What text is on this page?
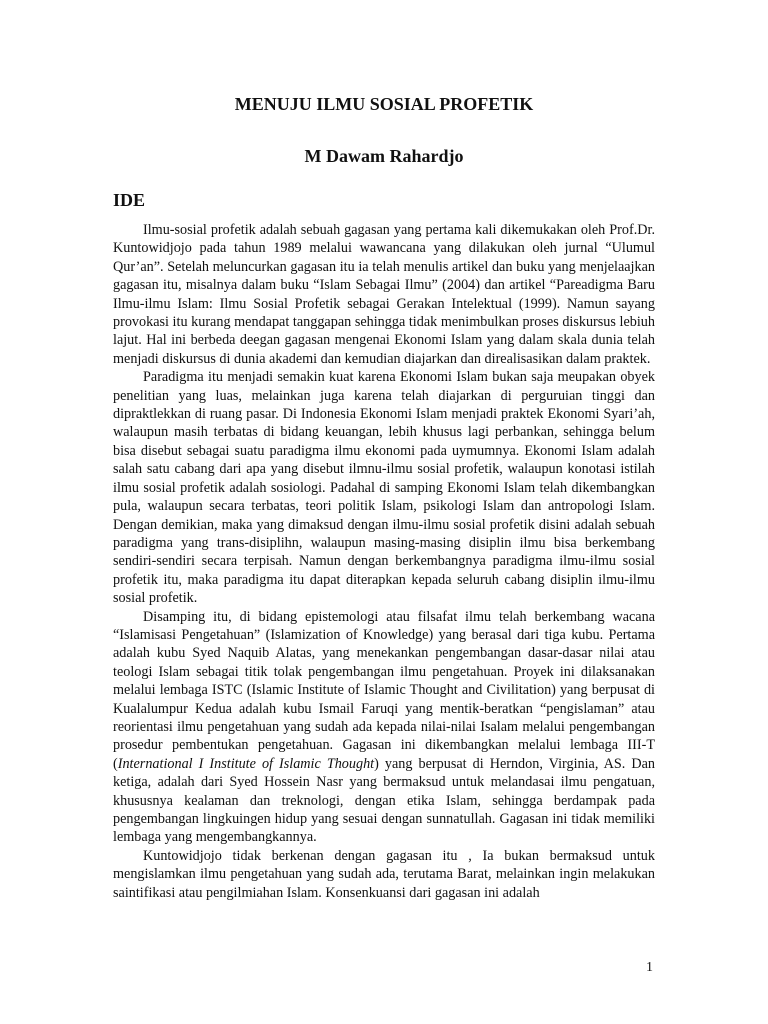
MENUJU ILMU SOSIAL PROFETIK
M Dawam Rahardjo
IDE

Ilmu-sosial profetik adalah sebuah gagasan yang pertama kali dikemukakan oleh Prof.Dr. Kuntowidjojo pada tahun 1989 melalui wawancana yang dilakukan oleh jurnal “Ulumul Qur’an”. Setelah meluncurkan gagasan itu ia telah menulis artikel dan buku yang menjelaajkan gagasan itu, misalnya dalam buku “Islam Sebagai Ilmu” (2004) dan artikel “Pareadigma Baru Ilmu-ilmu Islam: Ilmu Sosial Profetik sebagai Gerakan Intelektual (1999). Namun sayang provokasi itu kurang mendapat tanggapan sehingga tidak menimbulkan proses diskursus lebiuh lajut. Hal ini berbeda deegan gagasan mengenai Ekonomi Islam yang dalam skala dunia telah menjadi diskursus di dunia akademi dan kemudian diajarkan dan direalisasikan dalam praktek.

Paradigma itu menjadi semakin kuat karena Ekonomi Islam bukan saja meupakan obyek penelitian yang luas, melainkan juga karena telah diajarkan di perguruian tinggi dan dipraktlekkan di ruang pasar. Di Indonesia Ekonomi Islam menjadi praktek Ekonomi Syari’ah, walaupun masih terbatas di bidang keuangan, lebih khusus lagi perbankan, sehingga belum bisa disebut sebagai suatu paradigma ilmu ekonomi pada uymumnya. Ekonomi Islam adalah salah satu cabang dari apa yang disebut ilmnu-ilmu sosial profetik, walaupun konotasi istilah ilmu sosial profetik adalah sosiologi. Padahal di samping Ekonomi Islam telah dikembangkan pula, walaupun secara terbatas, teori politik Islam, psikologi Islam dan antropologi Islam. Dengan demikian, maka yang dimaksud dengan ilmu-ilmu sosial profetik disini adalah sebuah paradigma yang trans-disiplihn, walaupun masing-masing disiplin ilmu bisa berkembang sendiri-sendiri secara terpisah. Namun dengan berkembangnya paradigma ilmu-ilmu sosial profetik itu, maka paradigma itu dapat diterapkan kepada seluruh cabang disiplin ilmu-ilmu sosial profetik.

Disamping itu, di bidang epistemologi atau filsafat ilmu telah berkembang wacana “Islamisasi Pengetahuan” (Islamization of Knowledge) yang berasal dari tiga kubu. Pertama adalah kubu Syed Naquib Alatas, yang menekankan pengembangan dasar-dasar nilai atau teologi Islam sebagai titik tolak pengembangan ilmu pengetahuan. Proyek ini dilaksanakan melalui lembaga ISTC (Islamic Institute of Islamic Thought and Civilitation) yang berpusat di Kualalumpur Kedua adalah kubu Ismail Faruqi yang mentik-beratkan “pengislaman” atau reorientasi ilmu pengetahuan yang sudah ada kepada nilai-nilai Isalam melalui pengembangan prosedur pembentukan pengetahuan. Gagasan ini dikembangkan melalui lembaga III-T (International I Institute of Islamic Thought) yang berpusat di Herndon, Virginia, AS. Dan ketiga, adalah dari Syed Hossein Nasr yang bermaksud untuk melandasai ilmu pengatuan, khususnya kealaman dan treknologi, dengan etika Islam, sehingga berdampak pada pengembangan lingkuingen hidup yang sesuai dengan sunnatullah. Gagasan ini tidak memiliki lembaga yang mengembangkannya.

Kuntowidjojo tidak berkenan dengan gagasan itu , Ia bukan bermaksud untuk mengislamkan ilmu pengetahuan yang sudah ada, terutama Barat, melainkan ingin melakukan saintifikasi atau pengilmiahan Islam. Konsenkuansi dari gagasan ini adalah

1
